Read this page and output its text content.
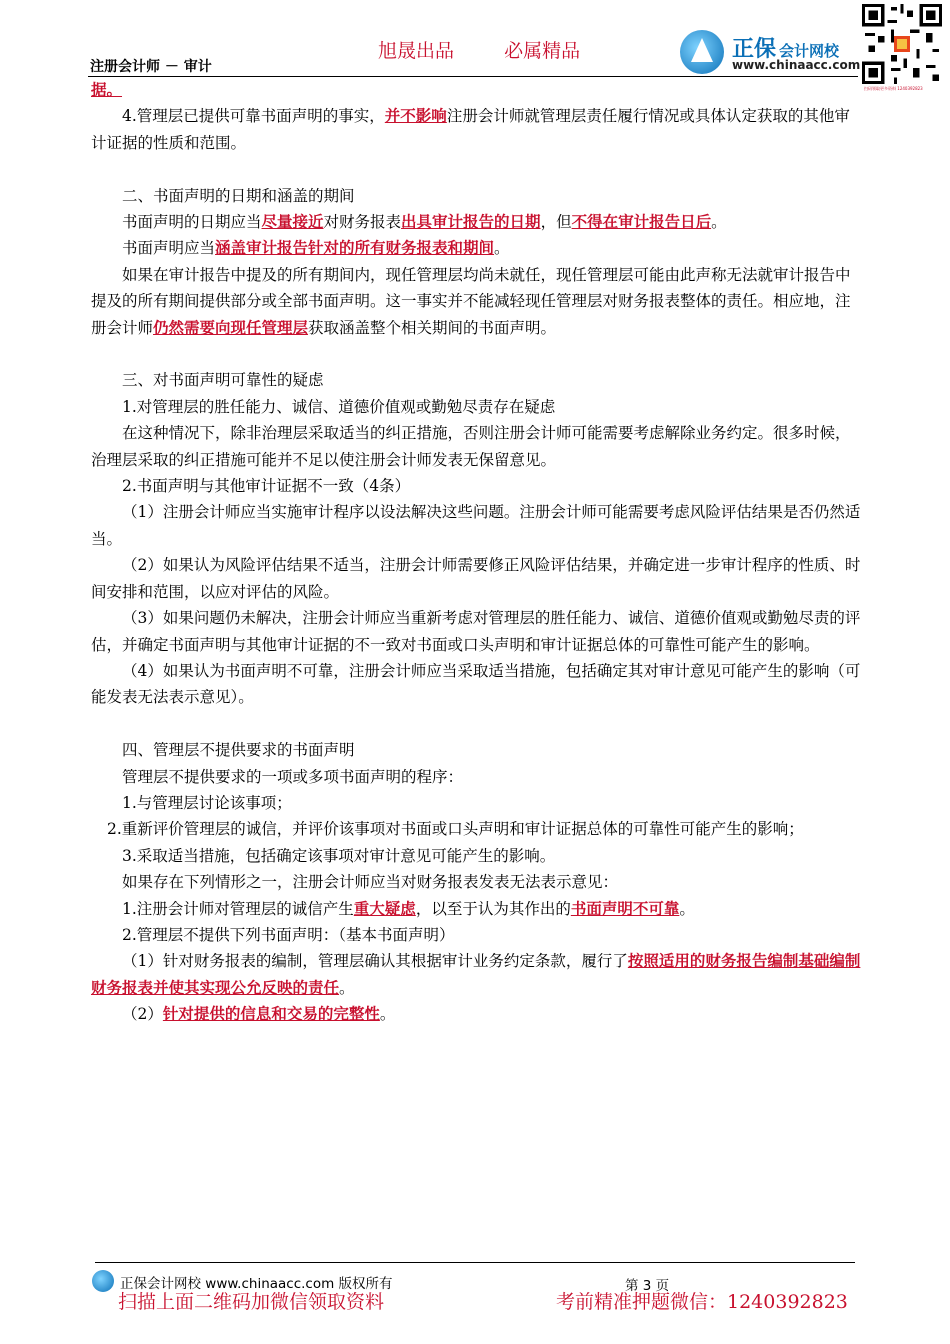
注册会计师 － 审计
旭晟出品	必属精品	正保 会计网校
www.chinaacc.com
扫码领取更多资料 1240392823

据。

4.管理层已提供可靠书面声明的事实，并不影响注册会计师就管理层责任履行情况或具体认定获取的其他审计证据的性质和范围。

二、书面声明的日期和涵盖的期间

书面声明的日期应当尽量接近对财务报表出具审计报告的日期，但不得在审计报告日后。

书面声明应当涵盖审计报告针对的所有财务报表和期间。

如果在审计报告中提及的所有期间内，现任管理层均尚未就任，现任管理层可能由此声称无法就审计报告中提及的所有期间提供部分或全部书面声明。这一事实并不能减轻现任管理层对财务报表整体的责任。相应地，注册会计师仍然需要向现任管理层获取涵盖整个相关期间的书面声明。

三、对书面声明可靠性的疑虑

1.对管理层的胜任能力、诚信、道德价值观或勤勉尽责存在疑虑

在这种情况下，除非治理层采取适当的纠正措施，否则注册会计师可能需要考虑解除业务约定。很多时候，治理层采取的纠正措施可能并不足以使注册会计师发表无保留意见。

2.书面声明与其他审计证据不一致（4条）

（1）注册会计师应当实施审计程序以设法解决这些问题。注册会计师可能需要考虑风险评估结果是否仍然适当。

（2）如果认为风险评估结果不适当，注册会计师需要修正风险评估结果，并确定进一步审计程序的性质、时间安排和范围，以应对评估的风险。

（3）如果问题仍未解决，注册会计师应当重新考虑对管理层的胜任能力、诚信、道德价值观或勤勉尽责的评估，并确定书面声明与其他审计证据的不一致对书面或口头声明和审计证据总体的可靠性可能产生的影响。

（4）如果认为书面声明不可靠，注册会计师应当采取适当措施，包括确定其对审计意见可能产生的影响（可能发表无法表示意见）。

四、管理层不提供要求的书面声明

管理层不提供要求的一项或多项书面声明的程序：

1.与管理层讨论该事项；

2.重新评价管理层的诚信，并评价该事项对书面或口头声明和审计证据总体的可靠性可能产生的影响；

3.采取适当措施，包括确定该事项对审计意见可能产生的影响。

如果存在下列情形之一，注册会计师应当对财务报表发表无法表示意见：

1.注册会计师对管理层的诚信产生重大疑虑，以至于认为其作出的书面声明不可靠。

2.管理层不提供下列书面声明：（基本书面声明）

（1）针对财务报表的编制，管理层确认其根据审计业务约定条款，履行了按照适用的财务报告编制基础编制财务报表并使其实现公允反映的责任。

（2）针对提供的信息和交易的完整性。

正保会计网校 www.chinaacc.com 版权所有	第 3 页
扫描上面二维码加微信领取资料	考前精准押题微信：1240392823
